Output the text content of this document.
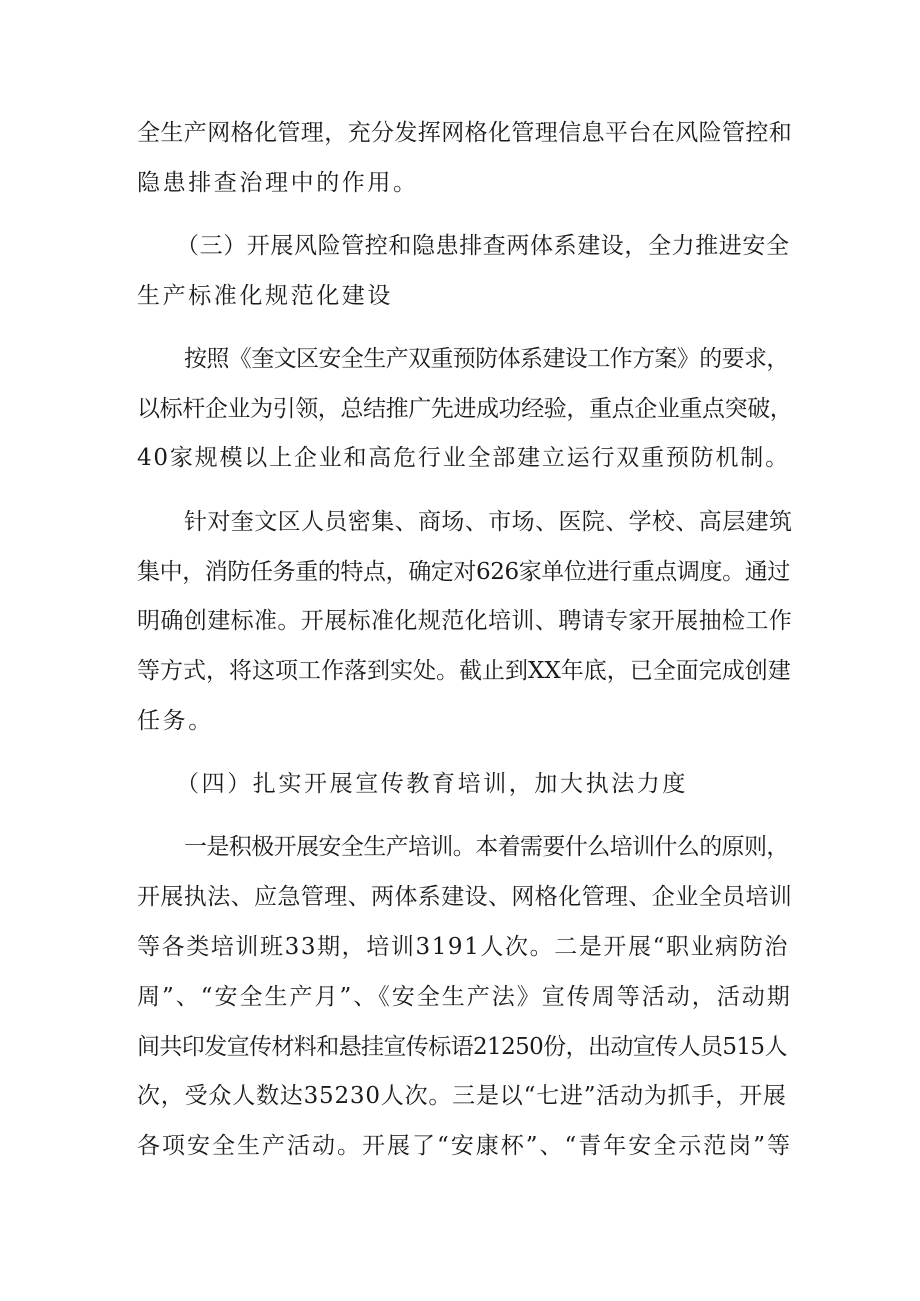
全生产网格化管理，充分发挥网格化管理信息平台在风险管控和
隐患排查治理中的作用。
（三）开展风险管控和隐患排查两体系建设，全力推进安全
生产标准化规范化建设
按照《奎文区安全生产双重预防体系建设工作方案》的要求，
以标杆企业为引领，总结推广先进成功经验，重点企业重点突破，
40家规模以上企业和高危行业全部建立运行双重预防机制。
针对奎文区人员密集、商场、市场、医院、学校、高层建筑
集中，消防任务重的特点，确定对626家单位进行重点调度。通过
明确创建标准。开展标准化规范化培训、聘请专家开展抽检工作
等方式，将这项工作落到实处。截止到XX年底，已全面完成创建
任务。
（四）扎实开展宣传教育培训，加大执法力度
一是积极开展安全生产培训。本着需要什么培训什么的原则，
开展执法、应急管理、两体系建设、网格化管理、企业全员培训
等各类培训班33期，培训3191人次。二是开展“职业病防治
周”、“安全生产月”、《安全生产法》宣传周等活动，活动期
间共印发宣传材料和悬挂宣传标语21250份，出动宣传人员515人
次，受众人数达35230人次。三是以“七进”活动为抓手，开展
各项安全生产活动。开展了“安康杯”、“青年安全示范岗”等
